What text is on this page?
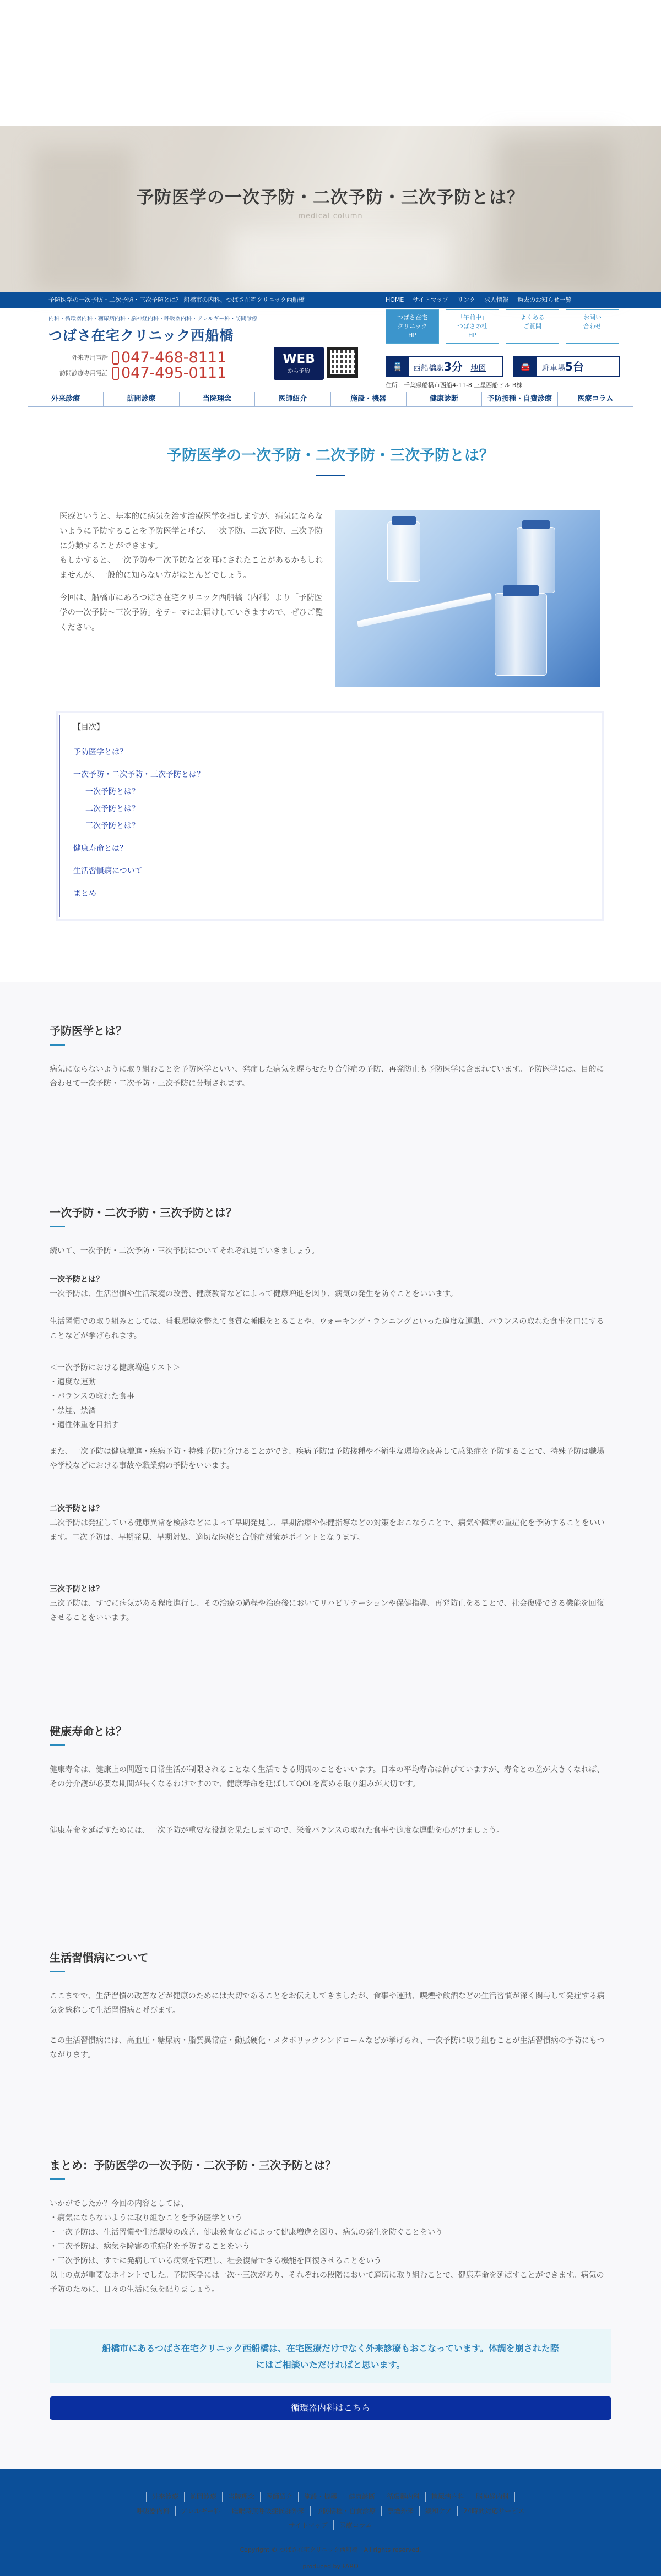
予防医学の一次予防・二次予防・三次予防とは？
medical column
予防医学の一次予防・二次予防・三次予防とは？ 船橋市の内科、つばさ在宅クリニック西船橋	HOME サイトマップ リンク 求人情報 過去のお知らせ一覧
内科・循環器内科・糖尿病内科・脳神経内科・呼吸器内科・アレルギー科・訪問診療
つばさ在宅クリニック西船橋
外来専用電話 047-468-8111
訪問診療専用電話 047-495-0111
WEB
から予約
つばさ在宅
クリニック
HP
「午前中」
つばさの杜
HP
よくある
ご質問
お問い
合わせ
🚆	西船橋駅3分 地図	🚘	駐車場5台
住所：千葉県船橋市西船4-11-8 三星西船ビル B棟
外来診療	訪問診療	当院理念	医師紹介	施設・機器	健康診断	予防接種・自費診療	医療コラム
予防医学の一次予防・二次予防・三次予防とは？

医療というと、基本的に病気を治す治療医学を指しますが、病気にならないように予防することを予防医学と呼び、一次予防、二次予防、三次予防に分類することができます。

もしかすると、一次予防や二次予防などを耳にされたことがあるかもしれませんが、一般的に知らない方がほとんどでしょう。

今回は、船橋市にあるつばさ在宅クリニック西船橋（内科）より「予防医学の一次予防〜三次予防」をテーマにお届けしていきますので、ぜひご覧ください。

【目次】
予防医学とは？
一次予防・二次予防・三次予防とは？
一次予防とは？
二次予防とは？
三次予防とは？
健康寿命とは？
生活習慣病について
まとめ
予防医学とは？

病気にならないように取り組むことを予防医学といい、発症した病気を遅らせたり合併症の予防、再発防止も予防医学に含まれています。予防医学には、目的に合わせて一次予防・二次予防・三次予防に分類されます。

一次予防・二次予防・三次予防とは？

続いて、一次予防・二次予防・三次予防についてそれぞれ見ていきましょう。

一次予防とは？

一次予防は、生活習慣や生活環境の改善、健康教育などによって健康増進を図り、病気の発生を防ぐことをいいます。

生活習慣での取り組みとしては、睡眠環境を整えて良質な睡眠をとることや、ウォーキング・ランニングといった適度な運動、バランスの取れた食事を口にすることなどが挙げられます。

＜一次予防における健康増進リスト＞

・適度な運動

・バランスの取れた食事

・禁煙、禁酒

・適性体重を目指す

また、一次予防は健康増進・疾病予防・特殊予防に分けることができ、疾病予防は予防接種や不衛生な環境を改善して感染症を予防することで、特殊予防は職場や学校などにおける事故や職業病の予防をいいます。

二次予防とは？

二次予防は発症している健康異常を検診などによって早期発見し、早期治療や保健指導などの対策をおこなうことで、病気や障害の重症化を予防することをいいます。二次予防は、早期発見、早期対処、適切な医療と合併症対策がポイントとなります。

三次予防とは？

三次予防は、すでに病気がある程度進行し、その治療の過程や治療後においてリハビリテーションや保健指導、再発防止をることで、社会復帰できる機能を回復させることをいいます。

健康寿命とは？

健康寿命は、健康上の問題で日常生活が制限されることなく生活できる期間のことをいいます。日本の平均寿命は伸びていますが、寿命との差が大きくなれば、その分介護が必要な期間が長くなるわけですので、健康寿命を延ばしてQOLを高める取り組みが大切です。

健康寿命を延ばすためには、一次予防が重要な役割を果たしますので、栄養バランスの取れた食事や適度な運動を心がけましょう。

生活習慣病について

ここまでで、生活習慣の改善などが健康のためには大切であることをお伝えしてきましたが、食事や運動、喫煙や飲酒などの生活習慣が深く関与して発症する病気を総称して生活習慣病と呼びます。

この生活習慣病には、高血圧・糖尿病・脂質異常症・動脈硬化・メタボリックシンドロームなどが挙げられ、一次予防に取り組むことが生活習慣病の予防にもつながります。

まとめ：予防医学の一次予防・二次予防・三次予防とは？

いかがでしたか？今回の内容としては、

・病気にならないように取り組むことを予防医学という

・一次予防は、生活習慣や生活環境の改善、健康教育などによって健康増進を図り、病気の発生を防ぐことをいう

・二次予防は、病気や障害の重症化を予防することをいう

・三次予防は、すでに発病している病気を管理し、社会復帰できる機能を回復させることをいう

以上の点が重要なポイントでした。予防医学には一次〜三次があり、それぞれの段階において適切に取り組むことで、健康寿命を延ばすことができます。病気の予防のために、日々の生活に気を配りましょう。

船橋市にあるつばさ在宅クリニック西船橋は、在宅医療だけでなく外来診療もおこなっています。体調を崩された際
にはご相談いただければと思います。
循環器内科はこちら
外来診療	訪問診療	当院理念	医師紹介	施設・機器	健康診断	循環器内科	糖尿病内科	脳神経内科
呼吸器内科	アレルギー科	睡眠時無呼吸症候群外来	予防接種・自費診療	禁煙外来	緩和ケア	24時間対応サービス
サイトマップ	医療コラム
Copyright © つばさ在宅クリニック西船橋　All rights reserved.
produced by FARO
